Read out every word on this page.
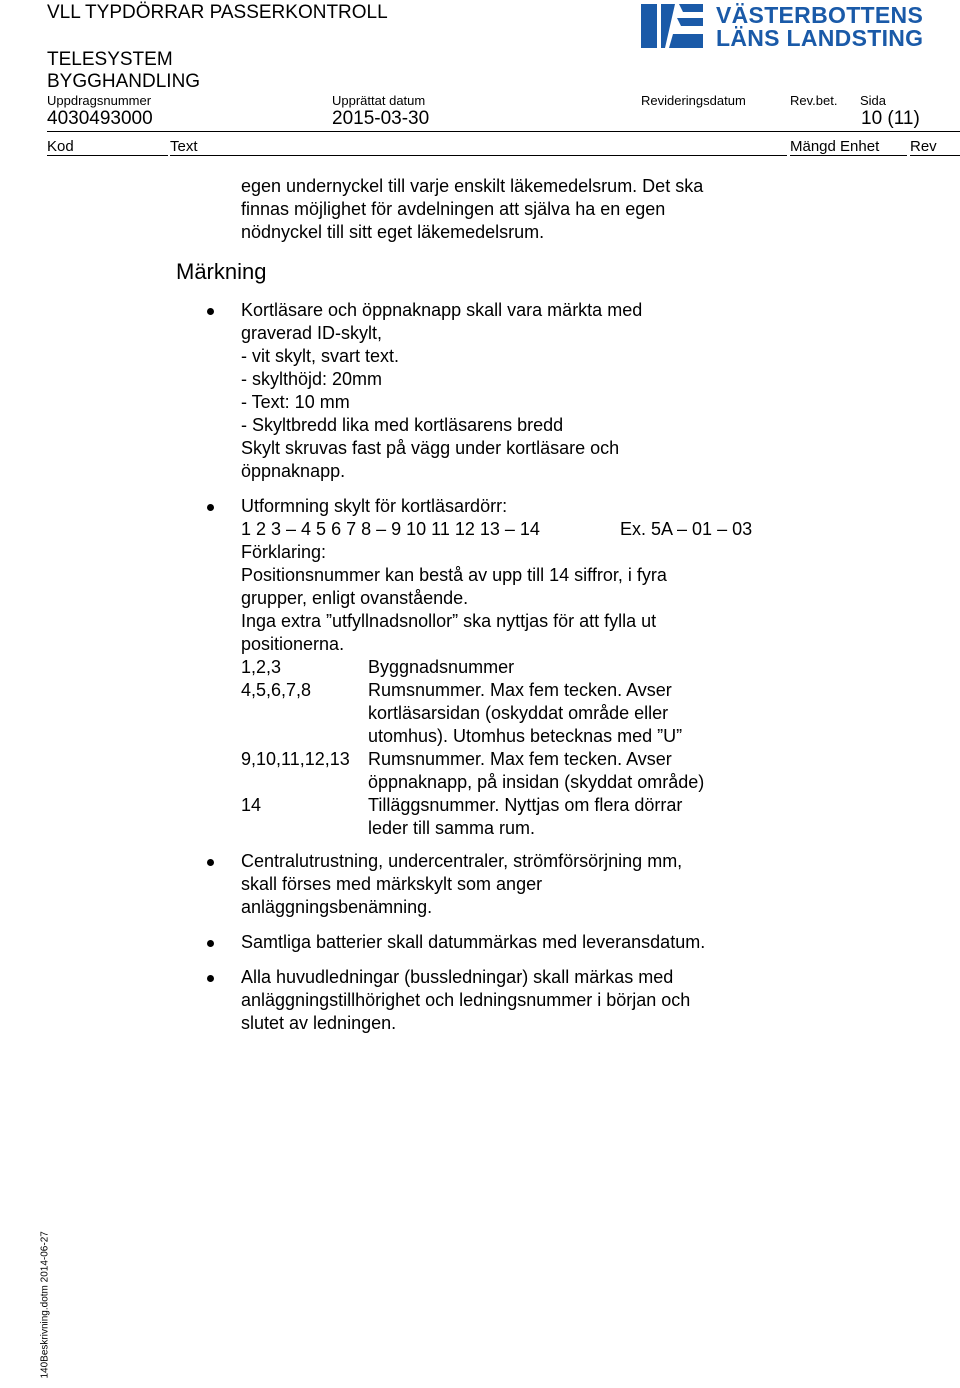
VLL TYPDÖRRAR PASSERKONTROLL	VÄSTERBOTTENS
LÄNS LANDSTING
TELESYSTEM
BYGGHANDLING
Uppdragsnummer	Upprättat datum	Revideringsdatum	Rev.bet. Sida
4030493000	2015-03-30	10 (11)
Kod	Text	Mängd Enhet Rev
egen undernyckel till varje enskilt läkemedelsrum. Det ska
finnas möjlighet för avdelningen att själva ha en egen
nödnyckel till sitt eget läkemedelsrum.
Märkning
Kortläsare och öppnaknapp skall vara märkta med
graverad ID-skylt,
- vit skylt, svart text.
- skylthöjd: 20mm
- Text: 10 mm
- Skyltbredd lika med kortläsarens bredd
Skylt skruvas fast på vägg under kortläsare och
öppnaknapp.
Utformning skylt för kortläsardörr:
1 2 3 – 4 5 6 7 8 – 9 10 11 12 13 – 14	Ex. 5A – 01 – 03
Förklaring:
Positionsnummer kan bestå av upp till 14 siffror, i fyra
grupper, enligt ovanstående.
Inga extra ”utfyllnadsnollor” ska nyttjas för att fylla ut
positionerna.
1,2,3	Byggnadsnummer
4,5,6,7,8	Rumsnummer. Max fem tecken. Avser
kortläsarsidan (oskyddat område eller
utomhus). Utomhus betecknas med ”U”
9,10,11,12,13 Rumsnummer. Max fem tecken. Avser
öppnaknapp, på insidan (skyddat område)
14	Tilläggsnummer. Nyttjas om flera dörrar
leder till samma rum.
Centralutrustning, undercentraler, strömförsörjning mm,
skall förses med märkskylt som anger
anläggningsbenämning.
Samtliga batterier skall datummärkas med leveransdatum.
Alla huvudledningar (bussledningar) skall märkas med
anläggningstillhörighet och ledningsnummer i början och
slutet av ledningen.
140Beskrivning.dotm 2014-06-27
